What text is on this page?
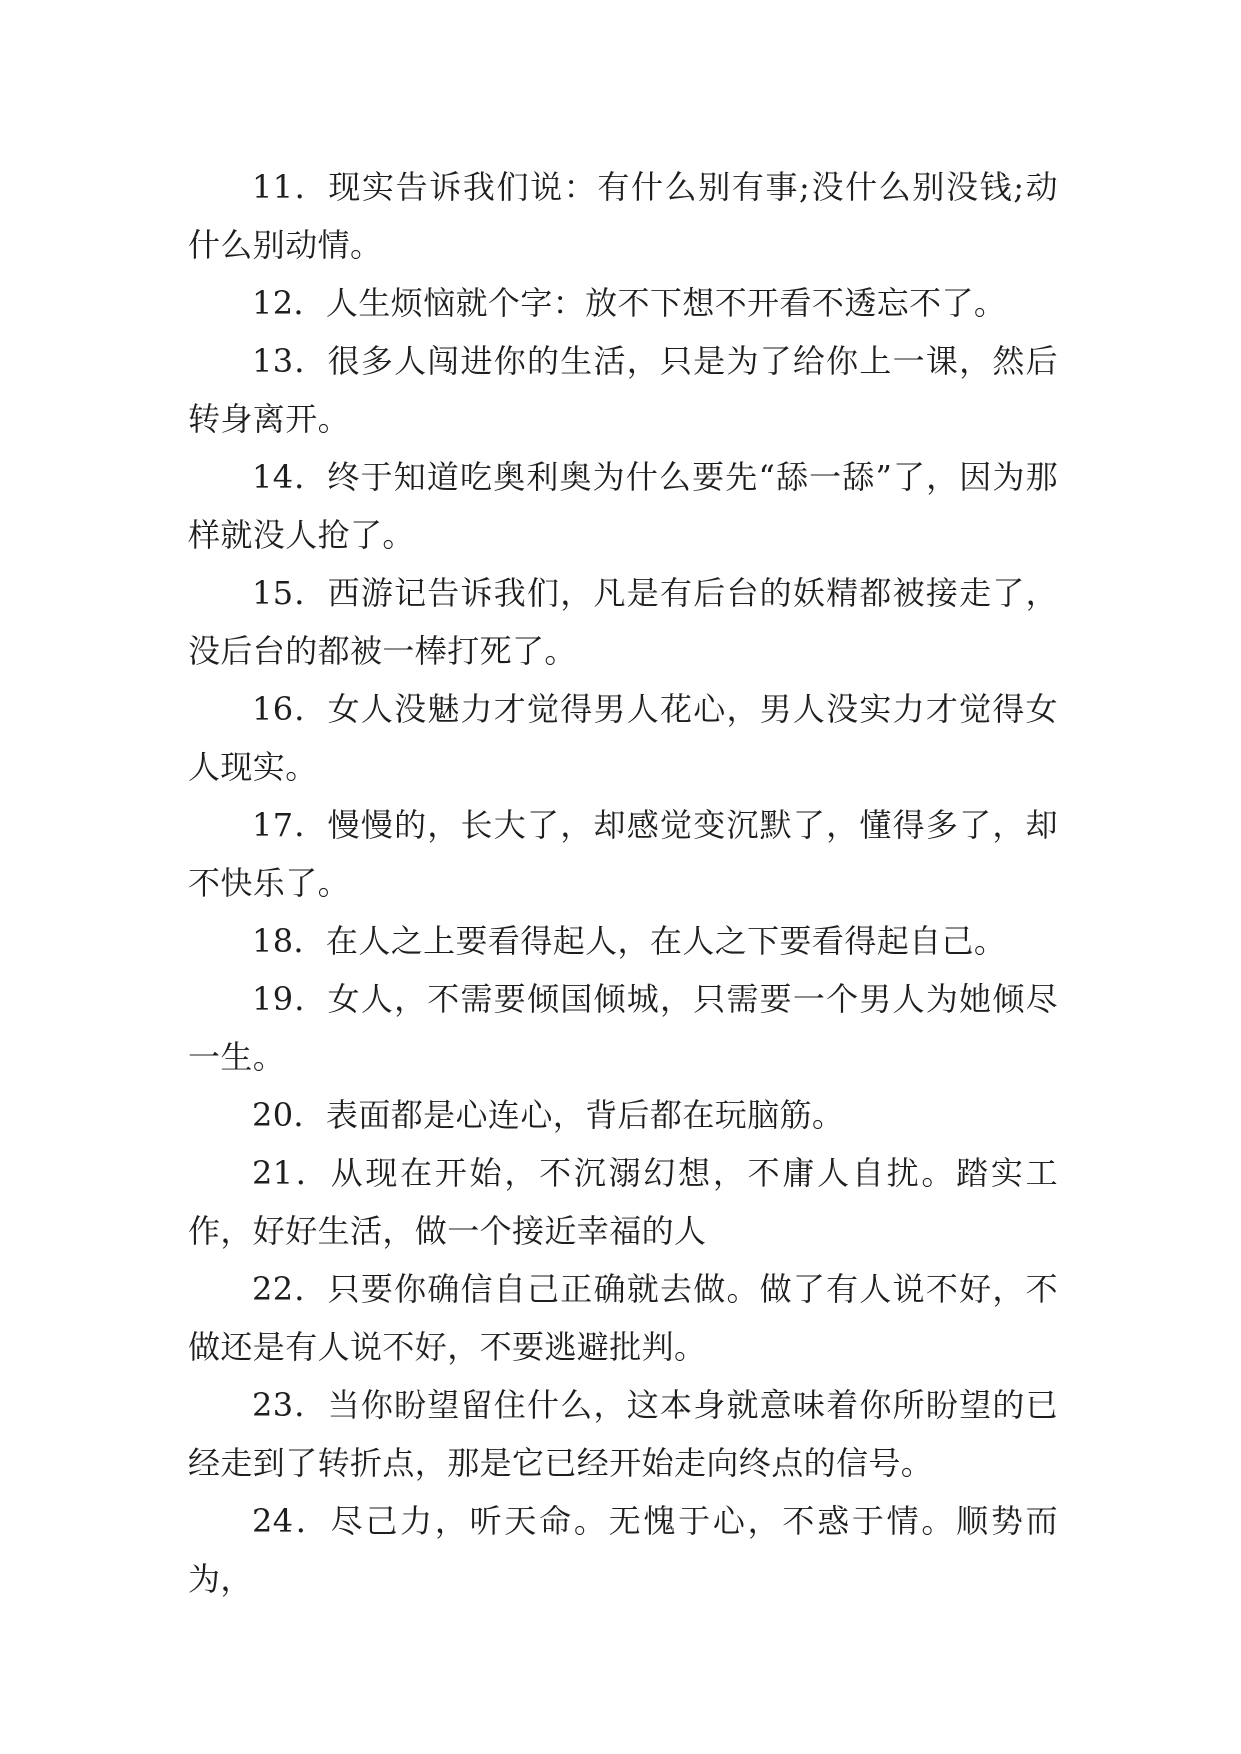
11．现实告诉我们说：有什么别有事;没什么别没钱;动什么别动情。

12．人生烦恼就个字：放不下想不开看不透忘不了。

13．很多人闯进你的生活，只是为了给你上一课，然后转身离开。

14．终于知道吃奥利奥为什么要先“舔一舔”了，因为那样就没人抢了。

15．西游记告诉我们，凡是有后台的妖精都被接走了，没后台的都被一棒打死了。

16．女人没魅力才觉得男人花心，男人没实力才觉得女人现实。

17．慢慢的，长大了，却感觉变沉默了，懂得多了，却不快乐了。

18．在人之上要看得起人，在人之下要看得起自己。

19．女人，不需要倾国倾城，只需要一个男人为她倾尽一生。

20．表面都是心连心，背后都在玩脑筋。

21．从现在开始，不沉溺幻想，不庸人自扰。踏实工作，好好生活，做一个接近幸福的人

22．只要你确信自己正确就去做。做了有人说不好，不做还是有人说不好，不要逃避批判。

23．当你盼望留住什么，这本身就意味着你所盼望的已经走到了转折点，那是它已经开始走向终点的信号。

24．尽己力，听天命。无愧于心，不惑于情。顺势而为，
